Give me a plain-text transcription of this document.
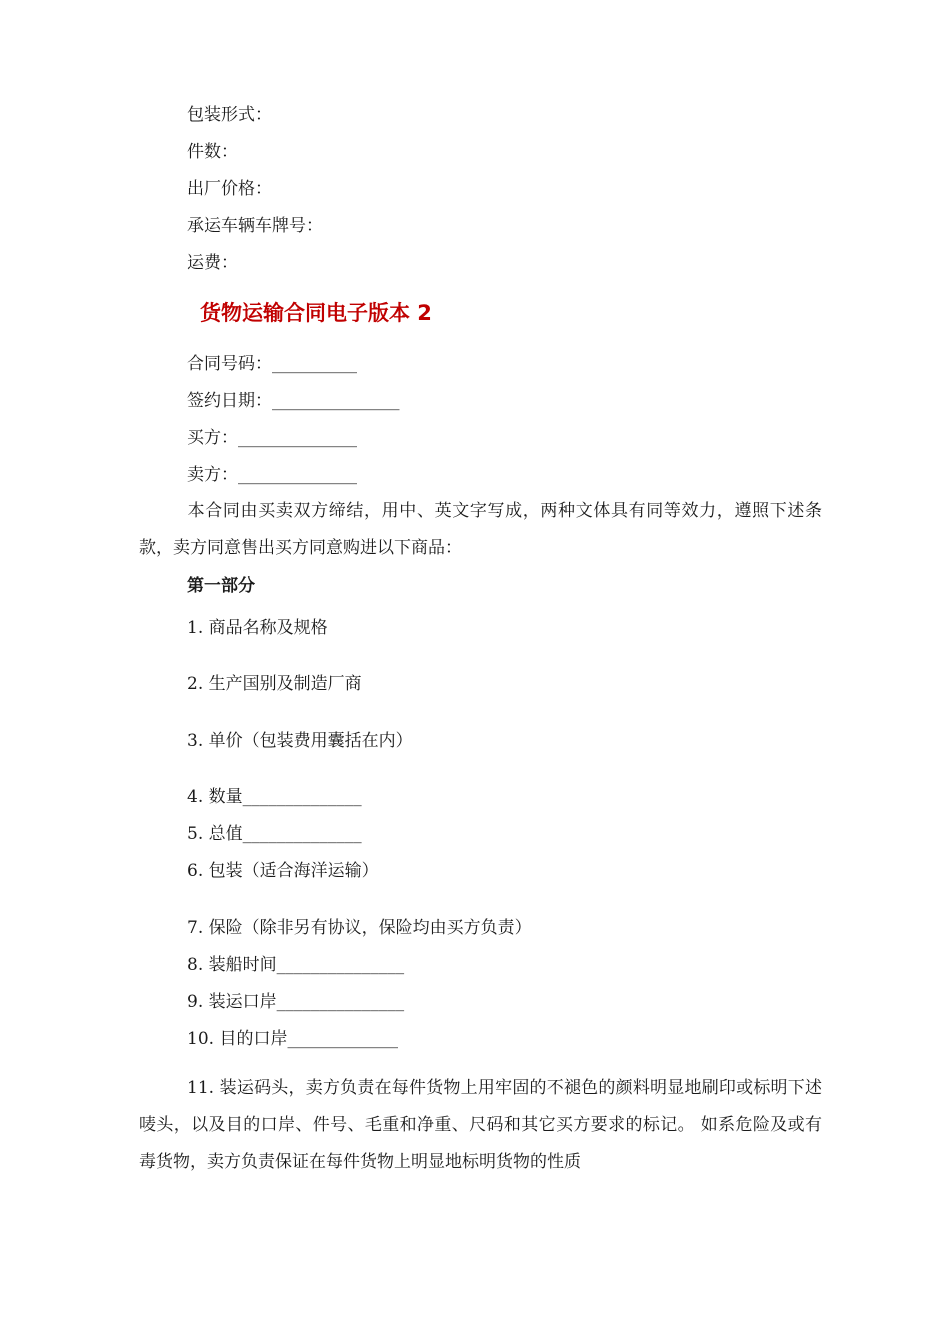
包装形式：
件数：
出厂价格：
承运车辆车牌号：
运费：
货物运输合同电子版本 2
合同号码：__________
签约日期：_______________
买方：______________
卖方：______________
本合同由买卖双方缔结，用中、英文字写成，两种文体具有同等效力，遵照下述条款，卖方同意售出买方同意购进以下商品：
第一部分
1. 商品名称及规格
2. 生产国别及制造厂商
3. 单价（包装费用囊括在内）
4. 数量______________
5. 总值______________
6. 包装（适合海洋运输）
7. 保险（除非另有协议，保险均由买方负责）
8. 装船时间_______________
9. 装运口岸_______________
10. 目的口岸_____________
11. 装运码头，卖方负责在每件货物上用牢固的不褪色的颜料明显地刷印或标明下述唛头，以及目的口岸、件号、毛重和净重、尺码和其它买方要求的标记。 如系危险及或有毒货物，卖方负责保证在每件货物上明显地标明货物的性质
